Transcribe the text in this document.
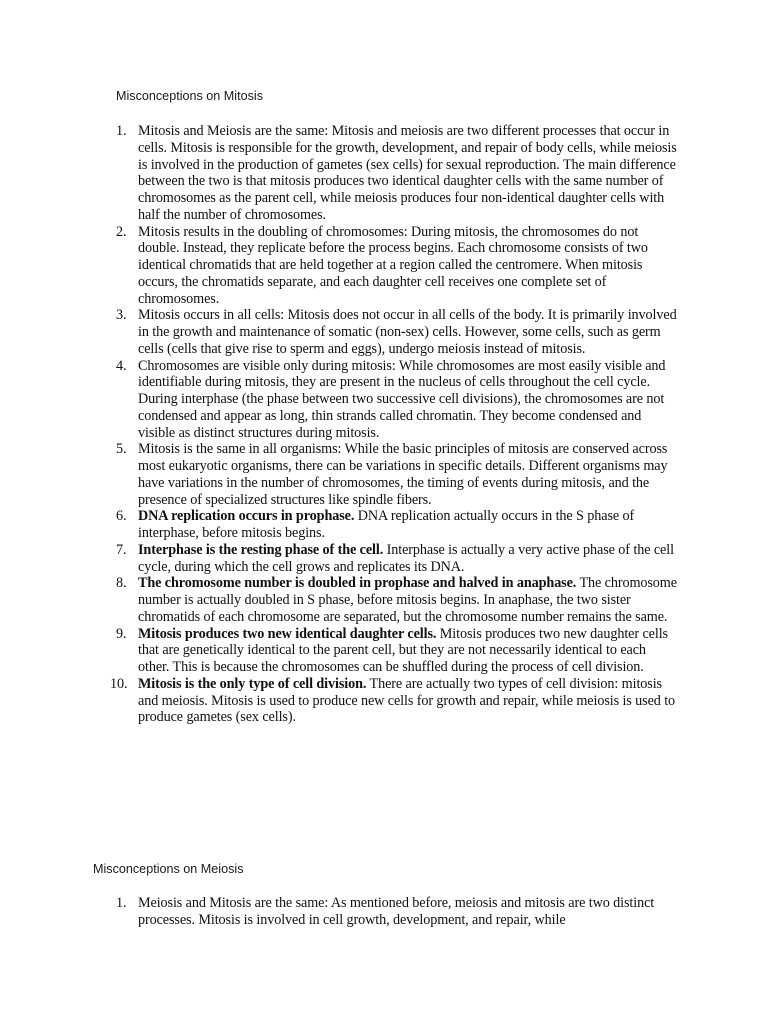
Misconceptions on Mitosis
1. Mitosis and Meiosis are the same: Mitosis and meiosis are two different processes that occur in cells. Mitosis is responsible for the growth, development, and repair of body cells, while meiosis is involved in the production of gametes (sex cells) for sexual reproduction. The main difference between the two is that mitosis produces two identical daughter cells with the same number of chromosomes as the parent cell, while meiosis produces four non-identical daughter cells with half the number of chromosomes.
2. Mitosis results in the doubling of chromosomes: During mitosis, the chromosomes do not double. Instead, they replicate before the process begins. Each chromosome consists of two identical chromatids that are held together at a region called the centromere. When mitosis occurs, the chromatids separate, and each daughter cell receives one complete set of chromosomes.
3. Mitosis occurs in all cells: Mitosis does not occur in all cells of the body. It is primarily involved in the growth and maintenance of somatic (non-sex) cells. However, some cells, such as germ cells (cells that give rise to sperm and eggs), undergo meiosis instead of mitosis.
4. Chromosomes are visible only during mitosis: While chromosomes are most easily visible and identifiable during mitosis, they are present in the nucleus of cells throughout the cell cycle. During interphase (the phase between two successive cell divisions), the chromosomes are not condensed and appear as long, thin strands called chromatin. They become condensed and visible as distinct structures during mitosis.
5. Mitosis is the same in all organisms: While the basic principles of mitosis are conserved across most eukaryotic organisms, there can be variations in specific details. Different organisms may have variations in the number of chromosomes, the timing of events during mitosis, and the presence of specialized structures like spindle fibers.
6. DNA replication occurs in prophase. DNA replication actually occurs in the S phase of interphase, before mitosis begins.
7. Interphase is the resting phase of the cell. Interphase is actually a very active phase of the cell cycle, during which the cell grows and replicates its DNA.
8. The chromosome number is doubled in prophase and halved in anaphase. The chromosome number is actually doubled in S phase, before mitosis begins. In anaphase, the two sister chromatids of each chromosome are separated, but the chromosome number remains the same.
9. Mitosis produces two new identical daughter cells. Mitosis produces two new daughter cells that are genetically identical to the parent cell, but they are not necessarily identical to each other. This is because the chromosomes can be shuffled during the process of cell division.
10. Mitosis is the only type of cell division. There are actually two types of cell division: mitosis and meiosis. Mitosis is used to produce new cells for growth and repair, while meiosis is used to produce gametes (sex cells).
Misconceptions on Meiosis
1. Meiosis and Mitosis are the same: As mentioned before, meiosis and mitosis are two distinct processes. Mitosis is involved in cell growth, development, and repair, while
